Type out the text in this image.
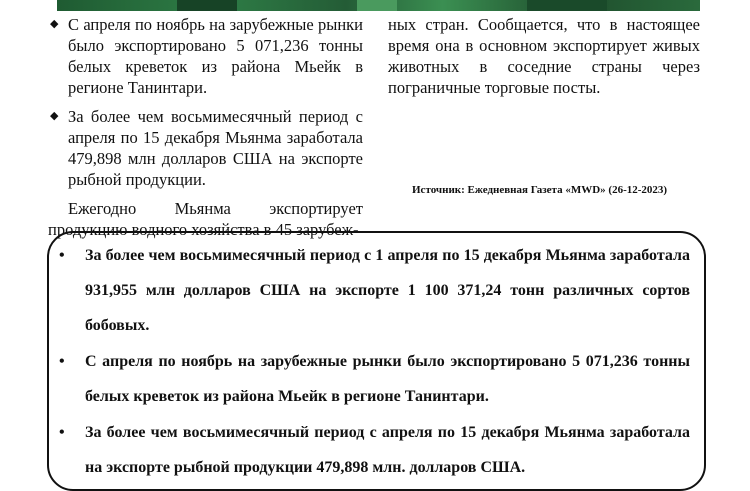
◆ С апреля по ноябрь на зарубежные рынки было экспортировано 5 071,236 тонны белых креветок из района Мьейк в регионе Танинтари.
◆ За более чем восьмимесячный период с апреля по 15 декабря Мьянма заработала 479,898 млн долларов США на экспорте рыбной продукции.

Ежегодно Мьянма экспортирует продукцию водного хозяйства в 45 зарубеж-

ных стран. Сообщается, что в настоящее время она в основном экспортирует живых животных в соседние страны через пограничные торговые посты.

Источник: Ежедневная Газета «MWD» (26-12-2023)
• За более чем восьмимесячный период с 1 апреля по 15 декабря Мьянма заработала 931,955 млн долларов США на экспорте 1 100 371,24 тонн различных сортов бобовых.
• С апреля по ноябрь на зарубежные рынки было экспортировано 5 071,236 тонны белых креветок из района Мьейк в регионе Танинтари.
• За более чем восьмимесячный период с апреля по 15 декабря Мьянма заработала на экспорте рыбной продукции 479,898 млн. долларов США.
